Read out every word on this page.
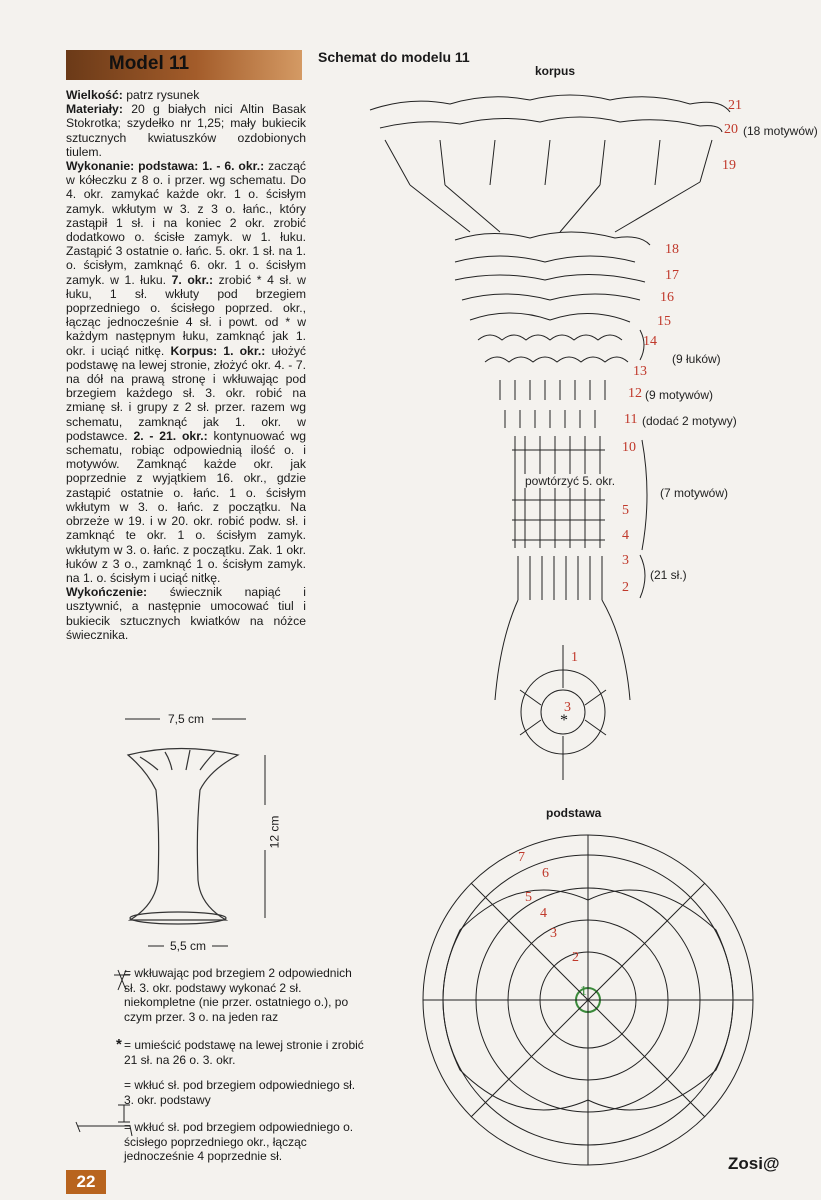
Model 11
Wielkość: patrz rysunek
Materiały: 20 g białych nici Altin Basak Stokrotka; szydełko nr 1,25; mały bukiecik sztucznych kwiatuszków ozdobionych tiulem.
Wykonanie: podstawa: 1. - 6. okr.: zacząć w kółeczku z 8 o. i przer. wg schematu. Do 4. okr. zamykać każde okr. 1 o. ścisłym zamyk. wkłutym w 3. z 3 o. łańc., który zastąpił 1 sł. i na koniec 2 okr. zrobić dodatkowo o. ścisłe zamyk. w 1. łuku. Zastąpić 3 ostatnie o. łańc. 5. okr. 1 sł. na 1. o. ścisłym, zamknąć 6. okr. 1 o. ścisłym zamyk. w 1. łuku. 7. okr.: zrobić * 4 sł. w łuku, 1 sł. wkłuty pod brzegiem poprzedniego o. ścisłego poprzed. okr., łącząc jednocześnie 4 sł. i powt. od * w każdym następnym łuku, zamknąć jak 1. okr. i uciąć nitkę. Korpus: 1. okr.: ułożyć podstawę na lewej stronie, złożyć okr. 4. - 7. na dół na prawą stronę i wkłuwając pod brzegiem każdego sł. 3. okr. robić na zmianę sł. i grupy z 2 sł. przer. razem wg schematu, zamknąć jak 1. okr. w podstawce. 2. - 21. okr.: kontynuować wg schematu, robiąc odpowiednią ilość o. i motywów. Zamknąć każde okr. jak poprzednie z wyjątkiem 16. okr., gdzie zastąpić ostatnie o. łańc. 1 o. ścisłym wkłutym w 3. o. łańc. z początku. Na obrzeże w 19. i w 20. okr. robić podw. sł. i zamknąć te okr. 1 o. ścisłym zamyk. wkłutym w 3. o. łańc. z początku. Zak. 1 okr. łuków z 3 o., zamknąć 1 o. ścisłym zamyk. na 1. o. ścisłym i uciąć nitkę.
Wykończenie: świecznik napiąć i usztywnić, a następnie umocować tiul i bukiecik sztucznych kwiatków na nóżce świecznika.
7,5 cm
12 cm
5,5 cm
= wkłuwając pod brzegiem 2 odpowiednich sł. 3. okr. podstawy wykonać 2 sł. niekompletne (nie przer. ostatniego o.), po czym przer. 3 o. na jeden raz
* = umieścić podstawę na lewej stronie i zrobić 21 sł. na 26 o. 3. okr.
= wkłuć sł. pod brzegiem odpowiedniego sł. 3. okr. podstawy
= wkłuć sł. pod brzegiem odpowiedniego o. ścisłego poprzedniego okr., łącząc jednocześnie 4 poprzednie sł.
Schemat do modelu 11
korpus
podstawa
21
20 (18 motywów)
19
18
17
16
15
14
(9 łuków)
13
12 (9 motywów)
11 (dodać 2 motywy)
10
powtórzyć 5. okr.
(7 motywów)
5
4
3
(21 sł.)
2
1
3
*
7
6
5
4
3
2
1
22
Zosi@
